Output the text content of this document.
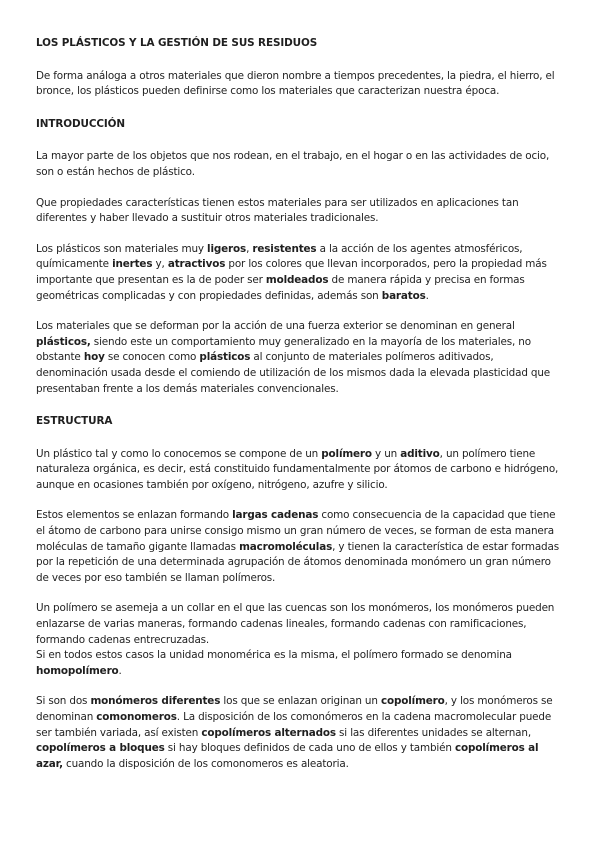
LOS PLÁSTICOS Y LA GESTIÓN DE SUS RESIDUOS

De forma análoga a otros materiales que dieron nombre a tiempos precedentes, la piedra, el hierro, el bronce, los plásticos pueden definirse como los materiales que caracterizan nuestra época.

INTRODUCCIÓN

La mayor parte de los objetos que nos rodean, en el trabajo, en el hogar o en las actividades de ocio, son o están hechos de plástico.

Que propiedades características tienen estos materiales para ser utilizados en aplicaciones tan diferentes y haber llevado a sustituir otros materiales tradicionales.

Los plásticos son materiales muy ligeros, resistentes a la acción de los agentes atmosféricos, químicamente inertes y, atractivos por los colores que llevan incorporados, pero la propiedad más importante que presentan es la de poder ser moldeados de manera rápida y precisa en formas geométricas complicadas y con propiedades definidas, además son baratos.

Los materiales que se deforman por la acción de una fuerza exterior se denominan en general plásticos, siendo este un comportamiento muy generalizado en la mayoría de los materiales, no obstante hoy se conocen como plásticos al conjunto de materiales polímeros aditivados, denominación usada desde el comiendo de utilización de los mismos dada la elevada plasticidad que presentaban frente a los demás materiales convencionales.

ESTRUCTURA

Un plástico tal y como lo conocemos se compone de un polímero y un aditivo, un polímero tiene naturaleza orgánica, es decir, está constituido fundamentalmente por átomos de carbono e hidrógeno, aunque en ocasiones también por oxígeno, nitrógeno, azufre y silicio.

Estos elementos se enlazan formando largas cadenas como consecuencia de la capacidad que tiene el átomo de carbono para unirse consigo mismo un gran número de veces, se forman de esta manera moléculas de tamaño gigante llamadas macromoléculas, y tienen la característica de estar formadas por la repetición de una determinada agrupación de átomos denominada monómero un gran número de veces por eso también se llaman polímeros.

Un polímero se asemeja a un collar en el que las cuencas son los monómeros, los monómeros pueden enlazarse de varias maneras, formando cadenas lineales, formando cadenas con ramificaciones, formando cadenas entrecruzadas.

Si en todos estos casos la unidad monomérica es la misma, el polímero formado se denomina homopolímero.

Si son dos monómeros diferentes los que se enlazan originan un copolímero, y los monómeros se denominan comonomeros. La disposición de los comonómeros en la cadena macromolecular puede ser también variada, así existen copolímeros alternados si las diferentes unidades se alternan, copolímeros a bloques si hay bloques definidos de cada uno de ellos y también copolímeros al azar, cuando la disposición de los comonomeros es aleatoria.
